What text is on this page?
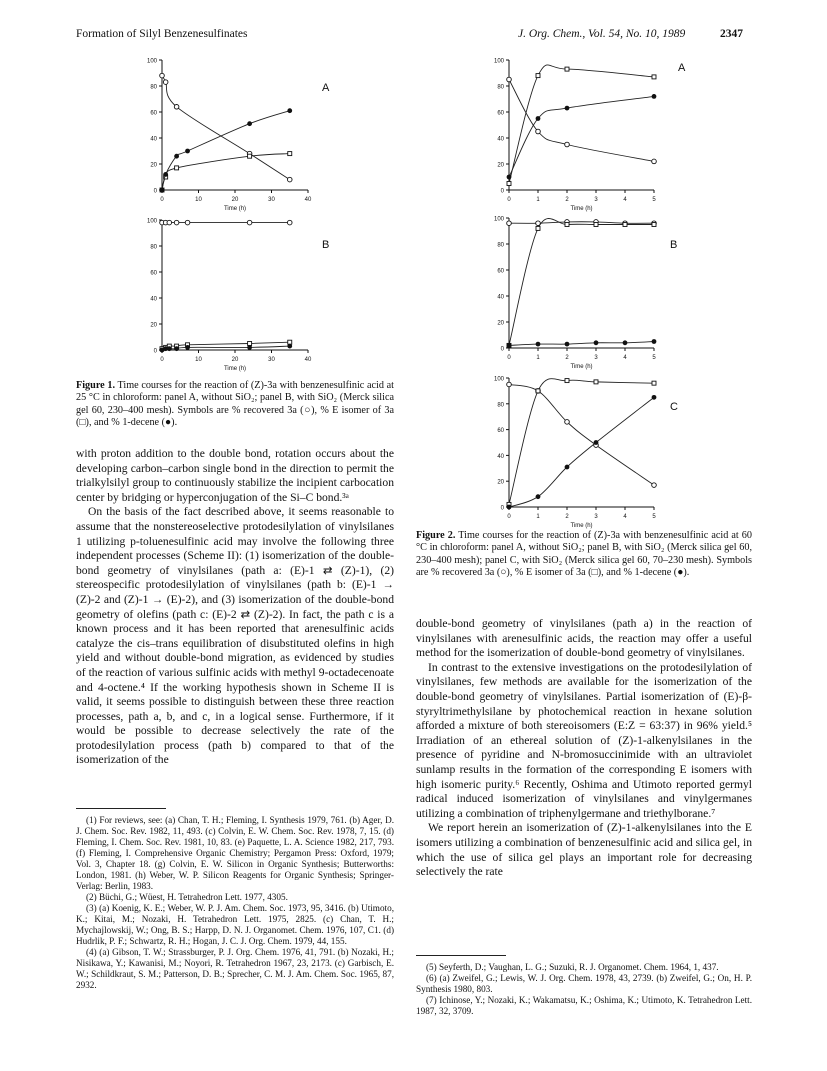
Formation of Silyl Benzenesulfinates	J. Org. Chem., Vol. 54, No. 10, 1989	2347
0
20
40
60
80
100
0	10	20	30	40
Time (h)
A
0
20
40
60
80
100
0	10	20	30	40
Time (h)
B
0
20
40
60
80
100
0	1	2	3	4	5
Time (h)
A
0
20
40
60
80
100
0	1	2	3	4	5
Time (h)
B
0
20
40
60
80
100
0	1	2	3	4	5
Time (h)
C
Figure 1. Time courses for the reaction of (Z)-3a with benzenesulfinic acid at 25 °C in chloroform: panel A, without SiO₂; panel B, with SiO₂ (Merck silica gel 60, 230–400 mesh). Symbols are % recovered 3a (○), % E isomer of 3a (□), and % 1-decene (●).

with proton addition to the double bond, rotation occurs about the developing carbon–carbon single bond in the direction to permit the trialkylsilyl group to continuously stabilize the incipient carbocation center by bridging or hyperconjugation of the Si–C bond.³ᵃ

On the basis of the fact described above, it seems reasonable to assume that the nonstereoselective protodesilylation of vinylsilanes 1 utilizing p-toluenesulfinic acid may involve the following three independent processes (Scheme II): (1) isomerization of the double-bond geometry of vinylsilanes (path a: (E)-1 ⇄ (Z)-1), (2) stereospecific protodesilylation of vinylsilanes (path b: (E)-1 → (Z)-2 and (Z)-1 → (E)-2), and (3) isomerization of the double-bond geometry of olefins (path c: (E)-2 ⇄ (Z)-2). In fact, the path c is a known process and it has been reported that arenesulfinic acids catalyze the cis–trans equilibration of disubstituted olefins in high yield and without double-bond migration, as evidenced by studies of the reaction of various sulfinic acids with methyl 9-octadecenoate and 4-octene.⁴ If the working hypothesis shown in Scheme II is valid, it seems possible to distinguish between these three reaction processes, path a, b, and c, in a logical sense. Furthermore, if it would be possible to decrease selectively the rate of the protodesilylation process (path b) compared to that of the isomerization of the

(1) For reviews, see: (a) Chan, T. H.; Fleming, I. Synthesis 1979, 761. (b) Ager, D. J. Chem. Soc. Rev. 1982, 11, 493. (c) Colvin, E. W. Chem. Soc. Rev. 1978, 7, 15. (d) Fleming, I. Chem. Soc. Rev. 1981, 10, 83. (e) Paquette, L. A. Science 1982, 217, 793. (f) Fleming, I. Comprehensive Organic Chemistry; Pergamon Press: Oxford, 1979; Vol. 3, Chapter 18. (g) Colvin, E. W. Silicon in Organic Synthesis; Butterworths: London, 1981. (h) Weber, W. P. Silicon Reagents for Organic Synthesis; Springer-Verlag: Berlin, 1983.

(2) Büchi, G.; Wüest, H. Tetrahedron Lett. 1977, 4305.

(3) (a) Koenig, K. E.; Weber, W. P. J. Am. Chem. Soc. 1973, 95, 3416. (b) Utimoto, K.; Kitai, M.; Nozaki, H. Tetrahedron Lett. 1975, 2825. (c) Chan, T. H.; Mychajlowskij, W.; Ong, B. S.; Harpp, D. N. J. Organomet. Chem. 1976, 107, C1. (d) Hudrlik, P. F.; Schwartz, R. H.; Hogan, J. C. J. Org. Chem. 1979, 44, 155.

(4) (a) Gibson, T. W.; Strassburger, P. J. Org. Chem. 1976, 41, 791. (b) Nozaki, H.; Nisikawa, Y.; Kawanisi, M.; Noyori, R. Tetrahedron 1967, 23, 2173. (c) Garbisch, E. W.; Schildkraut, S. M.; Patterson, D. B.; Sprecher, C. M. J. Am. Chem. Soc. 1965, 87, 2932.

Figure 2. Time courses for the reaction of (Z)-3a with benzenesulfinic acid at 60 °C in chloroform: panel A, without SiO₂; panel B, with SiO₂ (Merck silica gel 60, 230–400 mesh); panel C, with SiO₂ (Merck silica gel 60, 70–230 mesh). Symbols are % recovered 3a (○), % E isomer of 3a (□), and % 1-decene (●).

double-bond geometry of vinylsilanes (path a) in the reaction of vinylsilanes with arenesulfinic acids, the reaction may offer a useful method for the isomerization of double-bond geometry of vinylsilanes.

In contrast to the extensive investigations on the protodesilylation of vinylsilanes, few methods are available for the isomerization of the double-bond geometry of vinylsilanes. Partial isomerization of (E)-β-styryltrimethylsilane by photochemical reaction in hexane solution afforded a mixture of both stereoisomers (E:Z = 63:37) in 96% yield.⁵ Irradiation of an ethereal solution of (Z)-1-alkenylsilanes in the presence of pyridine and N-bromosuccinimide with an ultraviolet sunlamp results in the formation of the corresponding E isomers with high isomeric purity.⁶ Recently, Oshima and Utimoto reported germyl radical induced isomerization of vinylsilanes and vinylgermanes utilizing a combination of triphenylgermane and triethylborane.⁷

We report herein an isomerization of (Z)-1-alkenylsilanes into the E isomers utilizing a combination of benzenesulfinic acid and silica gel, in which the use of silica gel plays an important role for decreasing selectively the rate

(5) Seyferth, D.; Vaughan, L. G.; Suzuki, R. J. Organomet. Chem. 1964, 1, 437.

(6) (a) Zweifel, G.; Lewis, W. J. Org. Chem. 1978, 43, 2739. (b) Zweifel, G.; On, H. P. Synthesis 1980, 803.

(7) Ichinose, Y.; Nozaki, K.; Wakamatsu, K.; Oshima, K.; Utimoto, K. Tetrahedron Lett. 1987, 32, 3709.
